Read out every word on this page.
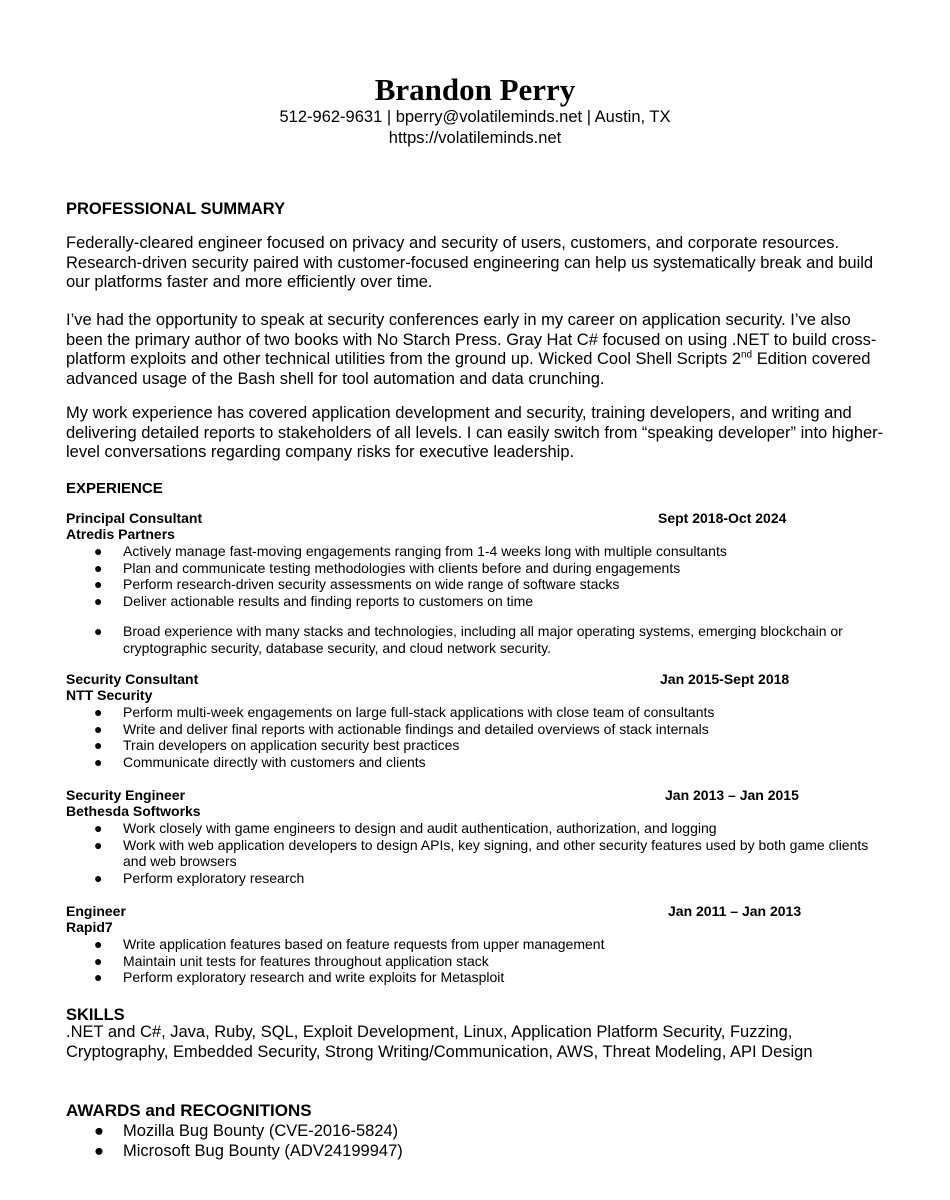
Brandon Perry
512-962-9631 | bperry@volatileminds.net | Austin, TX
https://volatileminds.net
PROFESSIONAL SUMMARY
Federally-cleared engineer focused on privacy and security of users, customers, and corporate resources. Research-driven security paired with customer-focused engineering can help us systematically break and build our platforms faster and more efficiently over time.
I’ve had the opportunity to speak at security conferences early in my career on application security. I’ve also been the primary author of two books with No Starch Press. Gray Hat C# focused on using .NET to build cross-platform exploits and other technical utilities from the ground up. Wicked Cool Shell Scripts 2nd Edition covered advanced usage of the Bash shell for tool automation and data crunching.
My work experience has covered application development and security, training developers, and writing and delivering detailed reports to stakeholders of all levels. I can easily switch from “speaking developer” into higher-level conversations regarding company risks for executive leadership.
EXPERIENCE
Principal Consultant	Sept 2018-Oct 2024
Atredis Partners
● Actively manage fast-moving engagements ranging from 1-4 weeks long with multiple consultants
● Plan and communicate testing methodologies with clients before and during engagements
● Perform research-driven security assessments on wide range of software stacks
● Deliver actionable results and finding reports to customers on time
● Broad experience with many stacks and technologies, including all major operating systems, emerging blockchain or cryptographic security, database security, and cloud network security.
Security Consultant	Jan 2015-Sept 2018
NTT Security
● Perform multi-week engagements on large full-stack applications with close team of consultants
● Write and deliver final reports with actionable findings and detailed overviews of stack internals
● Train developers on application security best practices
● Communicate directly with customers and clients
Security Engineer	Jan 2013 – Jan 2015
Bethesda Softworks
● Work closely with game engineers to design and audit authentication, authorization, and logging
● Work with web application developers to design APIs, key signing, and other security features used by both game clients and web browsers
● Perform exploratory research
Engineer	Jan 2011 – Jan 2013
Rapid7
● Write application features based on feature requests from upper management
● Maintain unit tests for features throughout application stack
● Perform exploratory research and write exploits for Metasploit
SKILLS
.NET and C#, Java, Ruby, SQL, Exploit Development, Linux, Application Platform Security, Fuzzing, Cryptography, Embedded Security, Strong Writing/Communication, AWS, Threat Modeling, API Design
AWARDS and RECOGNITIONS
● Mozilla Bug Bounty (CVE-2016-5824)
● Microsoft Bug Bounty (ADV24199947)
